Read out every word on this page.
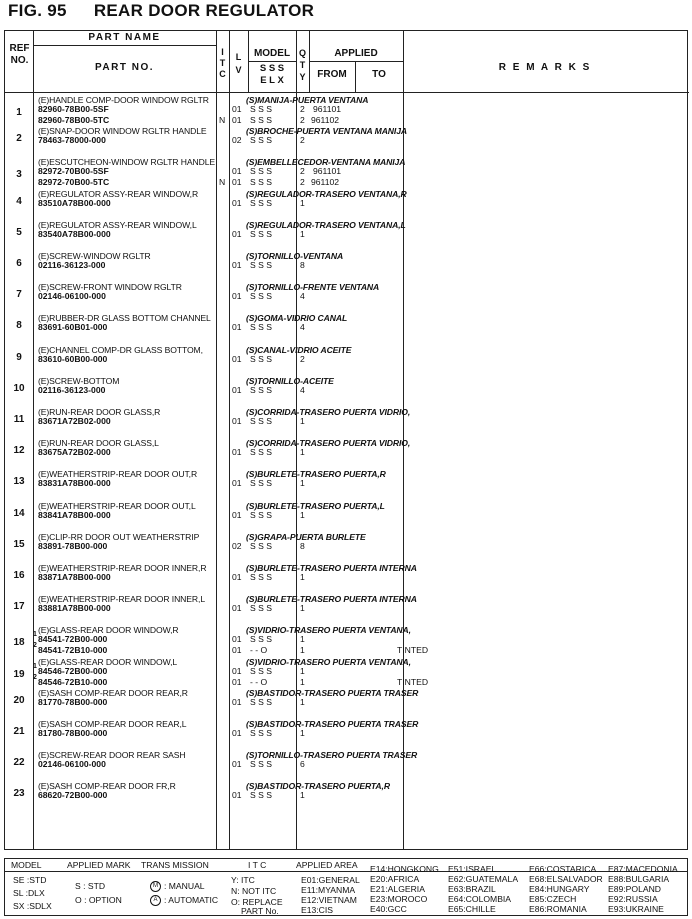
FIG. 95 REAR DOOR REGULATOR
REF NO.
PART NAME
PART NO.
I T C
L V
MODEL
S S S
E L X
Q T Y
APPLIED
FROM	TO
R E M A R K S
1
(E)HANDLE COMP-DOOR WINDOW RGLTR	(S)MANIJA-PUERTA VENTANA
82960-78B00-5SF	01 S S S	2 961101
82960-78B00-5TC	N 01 S S S	2 961102
2
(E)SNAP-DOOR WINDOW RGLTR HANDLE	(S)BROCHE-PUERTA VENTANA MANIJA
78463-78000-000	02 S S S	2
3
(E)ESCUTCHEON-WINDOW RGLTR HANDLE	(S)EMBELLECEDOR-VENTANA MANIJA
82972-70B00-5SF	01 S S S	2 961101
82972-70B00-5TC	N 01 S S S	2 961102
4
(E)REGULATOR ASSY-REAR WINDOW,R	(S)REGULADOR-TRASERO VENTANA,R
83510A78B00-000	01 S S S	1
5
(E)REGULATOR ASSY-REAR WINDOW,L	(S)REGULADOR-TRASERO VENTANA,L
83540A78B00-000	01 S S S	1
6
(E)SCREW-WINDOW RGLTR	(S)TORNILLO-VENTANA
02116-36123-000	01 S S S	8
7
(E)SCREW-FRONT WINDOW RGLTR	(S)TORNILLO-FRENTE VENTANA
02146-06100-000	01 S S S	4
8
(E)RUBBER-DR GLASS BOTTOM CHANNEL	(S)GOMA-VIDRIO CANAL
83691-60B01-000	01 S S S	4
9
(E)CHANNEL COMP-DR GLASS BOTTOM,	(S)CANAL-VIDRIO ACEITE
83610-60B00-000	01 S S S	2
10
(E)SCREW-BOTTOM	(S)TORNILLO-ACEITE
02116-36123-000	01 S S S	4
11
(E)RUN-REAR DOOR GLASS,R	(S)CORRIDA-TRASERO PUERTA VIDRIO,
83671A72B02-000	01 S S S	1
12
(E)RUN-REAR DOOR GLASS,L	(S)CORRIDA-TRASERO PUERTA VIDRIO,
83675A72B02-000	01 S S S	1
13
(E)WEATHERSTRIP-REAR DOOR OUT,R	(S)BURLETE-TRASERO PUERTA,R
83831A78B00-000	01 S S S	1
14
(E)WEATHERSTRIP-REAR DOOR OUT,L	(S)BURLETE-TRASERO PUERTA,L
83841A78B00-000	01 S S S	1
15
(E)CLIP-RR DOOR OUT WEATHERSTRIP	(S)GRAPA-PUERTA BURLETE
83891-78B00-000	02 S S S	8
16
(E)WEATHERSTRIP-REAR DOOR INNER,R	(S)BURLETE-TRASERO PUERTA INTERNA
83871A78B00-000	01 S S S	1
17
(E)WEATHERSTRIP-REAR DOOR INNER,L	(S)BURLETE-TRASERO PUERTA INTERNA
83881A78B00-000	01 S S S	1
18
(E)GLASS-REAR DOOR WINDOW,R	(S)VIDRIO-TRASERO PUERTA VENTANA,
1 84541-72B00-000	01 S S S	1
2 84541-72B10-000	01 - - O	1	TINTED
19
(E)GLASS-REAR DOOR WINDOW,L	(S)VIDRIO-TRASERO PUERTA VENTANA,
1 84546-72B00-000	01 S S S	1
2 84546-72B10-000	01 - - O	1	TINTED
20
(E)SASH COMP-REAR DOOR REAR,R	(S)BASTIDOR-TRASERO PUERTA TRASER
81770-78B00-000	01 S S S	1
21
(E)SASH COMP-REAR DOOR REAR,L	(S)BASTIDOR-TRASERO PUERTA TRASER
81780-78B00-000	01 S S S	1
22
(E)SCREW-REAR DOOR REAR SASH	(S)TORNILLO-TRASERO PUERTA TRASER
02146-06100-000	01 S S S	6
23
(E)SASH COMP-REAR DOOR FR,R	(S)BASTIDOR-TRASERO PUERTA,R
68620-72B00-000	01 S S S	1
MODEL
SE :STD
SL :DLX
SX :SDLX
APPLIED MARK
S : STD
O : OPTION
TRANS MISSION
M : MANUAL
A : AUTOMATIC
I T C
Y: ITC
N: NOT ITC
O: REPLACE
PART No.
APPLIED AREA
E01:GENERAL
E11:MYANMA
E12:VIETNAM
E13:CIS
E14:HONGKONG
E20:AFRICA
E21:ALGERIA
E23:MOROCO
E40:GCC
E51:ISRAEL
E62:GUATEMALA
E63:BRAZIL
E64:COLOMBIA
E65:CHILLE
E66:COSTARICA
E68:ELSALVADOR
E84:HUNGARY
E85:CZECH
E86:ROMANIA
E87:MACEDONIA
E88:BULGARIA
E89:POLAND
E92:RUSSIA
E93:UKRAINE
